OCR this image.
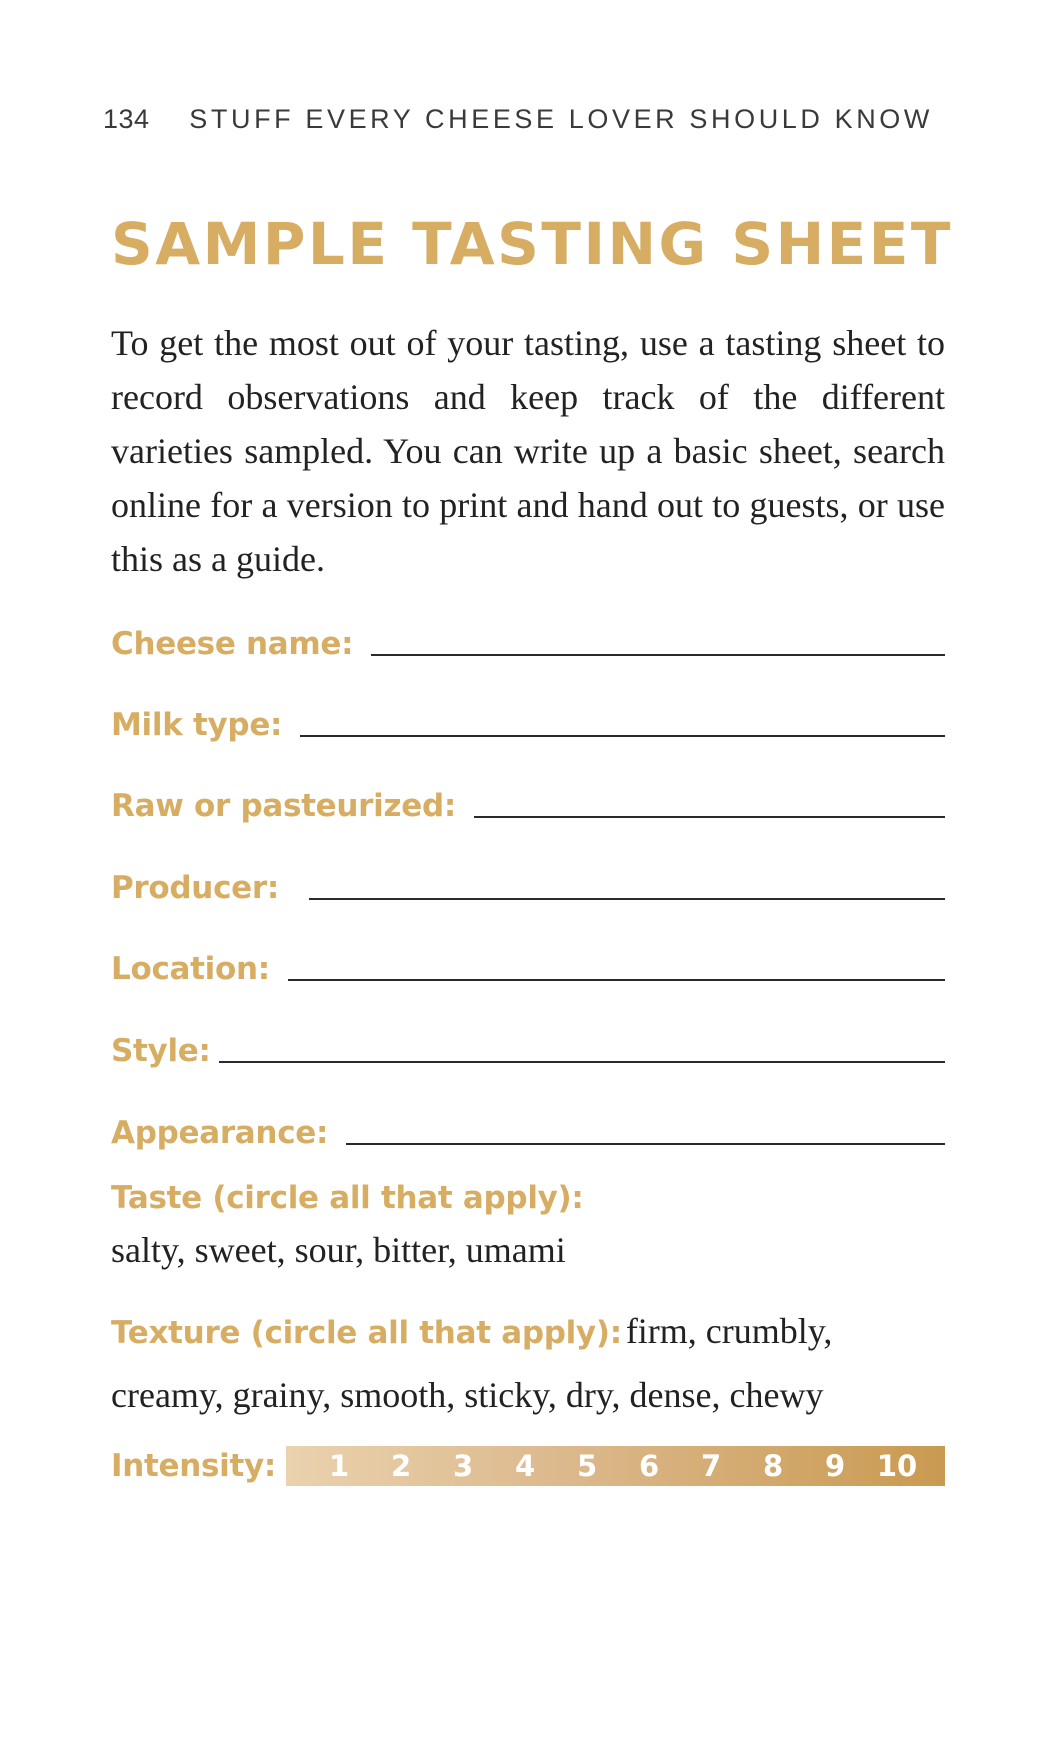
134	STUFF EVERY CHEESE LOVER SHOULD KNOW
SAMPLE TASTING SHEET

To get the most out of your tasting, use a tasting sheet to record observations and keep track of the different varieties sampled. You can write up a basic sheet, search online for a version to print and hand out to guests, or use this as a guide.

Cheese name:
Milk type:
Raw or pasteurized:
Producer:
Location:
Style:
Appearance:
Taste (circle all that apply):
salty, sweet, sour, bitter, umami
Texture (circle all that apply): firm, crumbly, creamy, grainy, smooth, sticky, dry, dense, chewy
Intensity:	1	2	3	4	5	6	7	8	9	10
